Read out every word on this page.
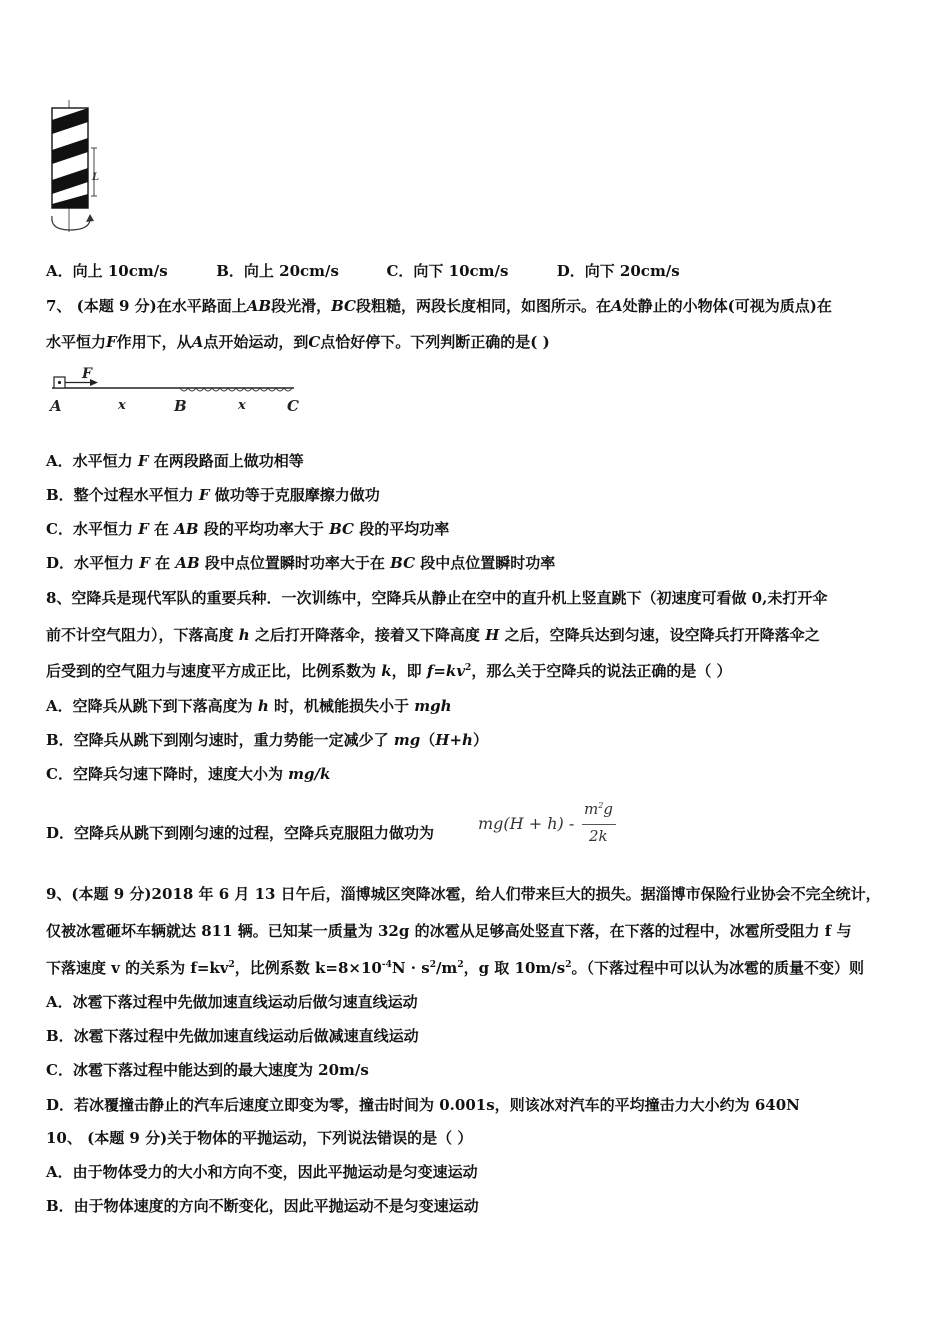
L
A．向上 10cm/s	B．向上 20cm/s	C．向下 10cm/s	D．向下 20cm/s
7、 (本题 9 分)在水平路面上AB段光滑，BC段粗糙，两段长度相同，如图所示。在A处静止的小物体(可视为质点)在
水平恒力F作用下，从A点开始运动，到C点恰好停下。下列判断正确的是( )
F
A	x	B	x	C
A．水平恒力 F 在两段路面上做功相等
B．整个过程水平恒力 F 做功等于克服摩擦力做功
C．水平恒力 F 在 AB 段的平均功率大于 BC 段的平均功率
D．水平恒力 F 在 AB 段中点位置瞬时功率大于在 BC 段中点位置瞬时功率
8、空降兵是现代军队的重要兵种．一次训练中，空降兵从静止在空中的直升机上竖直跳下（初速度可看做 0,未打开伞
前不计空气阻力），下落高度 h 之后打开降落伞，接着又下降高度 H 之后，空降兵达到匀速，设空降兵打开降落伞之
后受到的空气阻力与速度平方成正比，比例系数为 k，即 $f=kv^2$，那么关于空降兵的说法正确的是（ ）
A．空降兵从跳下到下落高度为 h 时，机械能损失小于 mgh
B．空降兵从跳下到刚匀速时，重力势能一定减少了 mg（H+h）
C．空降兵匀速下降时，速度大小为 mg/k
D．空降兵从跳下到刚匀速的过程，空降兵克服阻力做功为	mg(H + h) -
$m^2g$
2k
9、(本题 9 分)2018 年 6 月 13 日午后，淄博城区突降冰雹，给人们带来巨大的损失。据淄博市保险行业协会不完全统计，
仅被冰雹砸坏车辆就达 811 辆。已知某一质量为 32g 的冰雹从足够高处竖直下落，在下落的过程中，冰雹所受阻力 f 与
下落速度 v 的关系为 $f=kv^2$，比例系数 $k=8\times 10^{-4}N \cdot s^2/m^2$，g 取 $10m/s^2$。（下落过程中可以认为冰雹的质量不变）则
A．冰雹下落过程中先做加速直线运动后做匀速直线运动
B．冰雹下落过程中先做加速直线运动后做减速直线运动
C．冰雹下落过程中能达到的最大速度为 20m/s
D．若冰覆撞击静止的汽车后速度立即变为零，撞击时间为 0.001s，则该冰对汽车的平均撞击力大小约为 640N
10、 (本题 9 分)关于物体的平抛运动，下列说法错误的是（ ）
A．由于物体受力的大小和方向不变，因此平抛运动是匀变速运动
B．由于物体速度的方向不断变化，因此平抛运动不是匀变速运动
